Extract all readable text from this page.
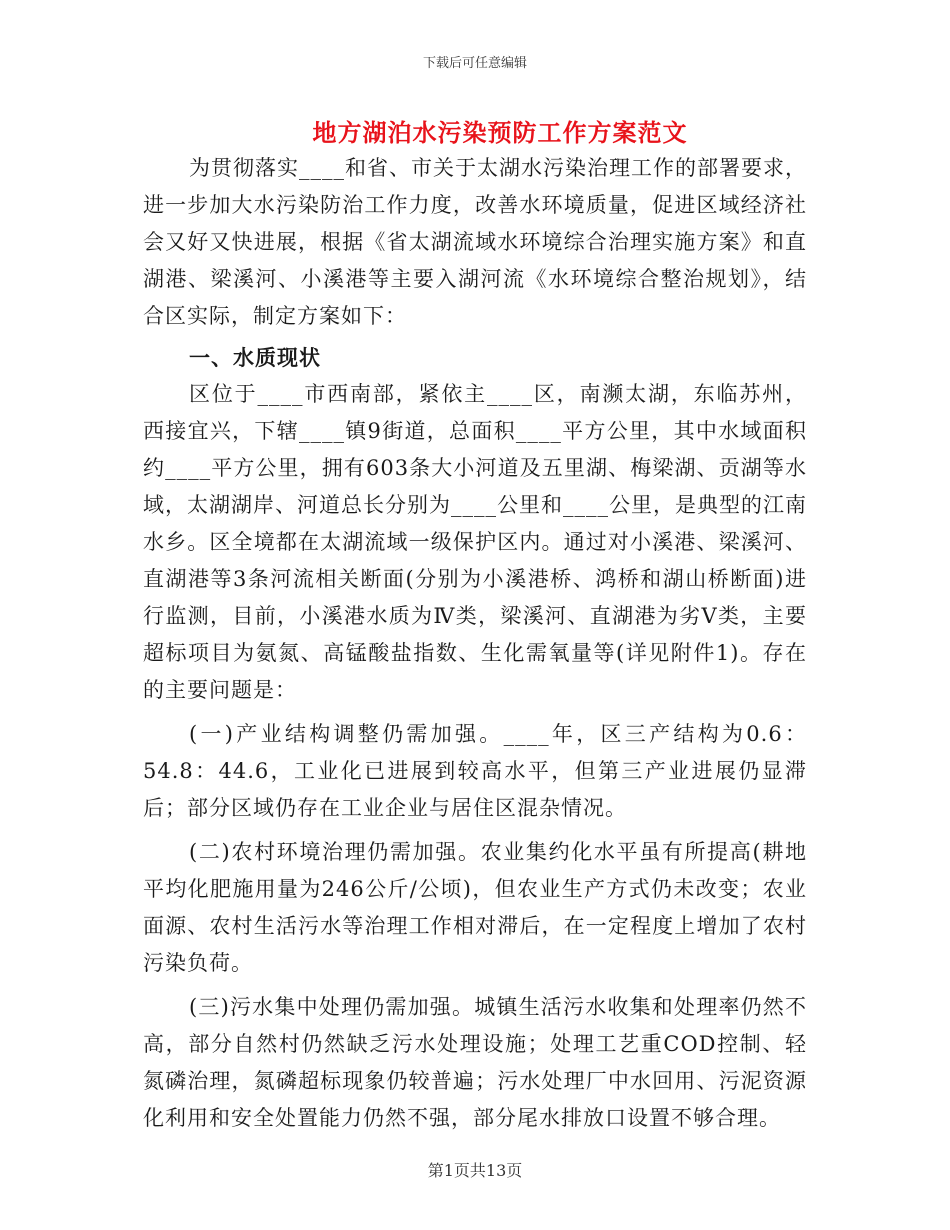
下载后可任意编辑
地方湖泊水污染预防工作方案范文

为贯彻落实____和省、市关于太湖水污染治理工作的部署要求，进一步加大水污染防治工作力度，改善水环境质量，促进区域经济社会又好又快进展，根据《省太湖流域水环境综合治理实施方案》和直湖港、梁溪河、小溪港等主要入湖河流《水环境综合整治规划》，结合区实际，制定方案如下：

一、水质现状

区位于____市西南部，紧依主____区，南濒太湖，东临苏州，西接宜兴，下辖____镇9街道，总面积____平方公里，其中水域面积约____平方公里，拥有603条大小河道及五里湖、梅梁湖、贡湖等水域，太湖湖岸、河道总长分别为____公里和____公里，是典型的江南水乡。区全境都在太湖流域一级保护区内。通过对小溪港、梁溪河、直湖港等3条河流相关断面(分别为小溪港桥、鸿桥和湖山桥断面)进行监测，目前，小溪港水质为Ⅳ类，梁溪河、直湖港为劣Ⅴ类，主要超标项目为氨氮、高锰酸盐指数、生化需氧量等(详见附件1)。存在的主要问题是：

(一)产业结构调整仍需加强。____年，区三产结构为0.6：54.8：44.6，工业化已进展到较高水平，但第三产业进展仍显滞后；部分区域仍存在工业企业与居住区混杂情况。

(二)农村环境治理仍需加强。农业集约化水平虽有所提高(耕地平均化肥施用量为246公斤/公顷)，但农业生产方式仍未改变；农业面源、农村生活污水等治理工作相对滞后，在一定程度上增加了农村污染负荷。

(三)污水集中处理仍需加强。城镇生活污水收集和处理率仍然不高，部分自然村仍然缺乏污水处理设施；处理工艺重COD控制、轻氮磷治理，氮磷超标现象仍较普遍；污水处理厂中水回用、污泥资源化利用和安全处置能力仍然不强，部分尾水排放口设置不够合理。

第1页共13页
